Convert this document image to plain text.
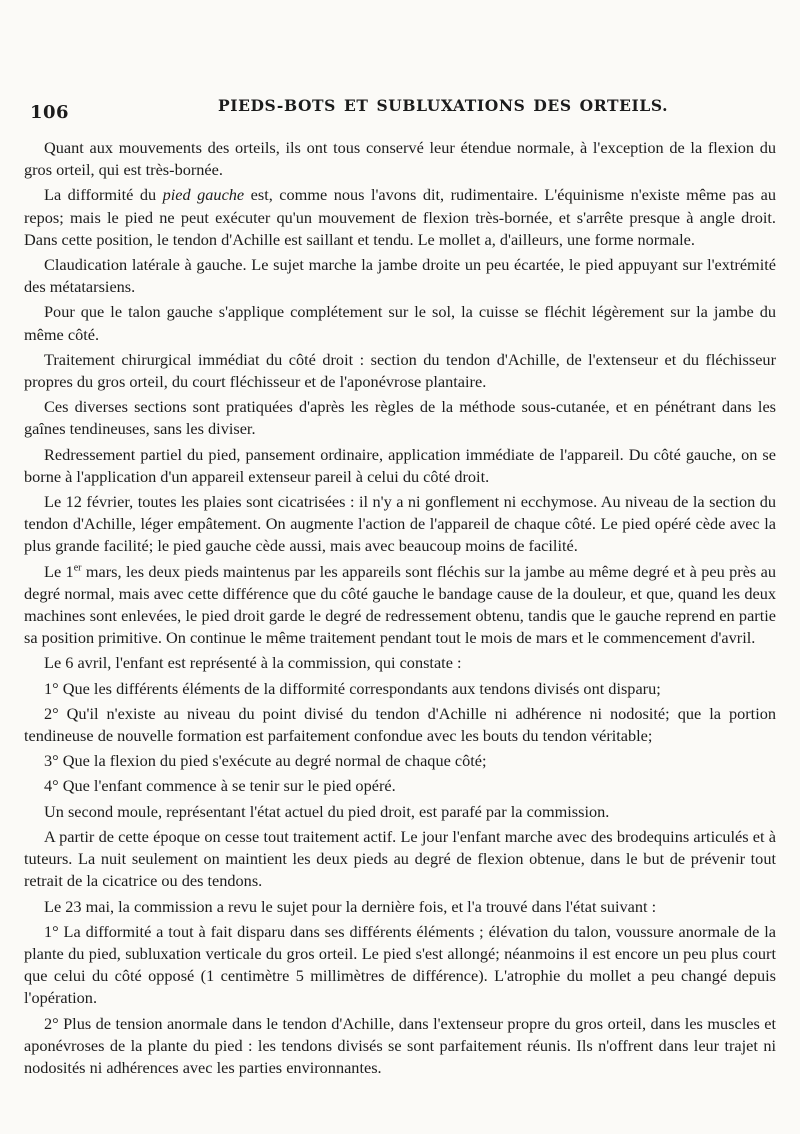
106	PIEDS-BOTS ET SUBLUXATIONS DES ORTEILS.

Quant aux mouvements des orteils, ils ont tous conservé leur étendue normale, à l'exception de la flexion du gros orteil, qui est très-bornée.

La difformité du pied gauche est, comme nous l'avons dit, rudimentaire. L'équinisme n'existe même pas au repos; mais le pied ne peut exécuter qu'un mouvement de flexion très-bornée, et s'arrête presque à angle droit. Dans cette position, le tendon d'Achille est saillant et tendu. Le mollet a, d'ailleurs, une forme normale.

Claudication latérale à gauche. Le sujet marche la jambe droite un peu écartée, le pied appuyant sur l'extrémité des métatarsiens.

Pour que le talon gauche s'applique complétement sur le sol, la cuisse se fléchit légèrement sur la jambe du même côté.

Traitement chirurgical immédiat du côté droit : section du tendon d'Achille, de l'extenseur et du fléchisseur propres du gros orteil, du court fléchisseur et de l'aponévrose plantaire.

Ces diverses sections sont pratiquées d'après les règles de la méthode sous-cutanée, et en pénétrant dans les gaînes tendineuses, sans les diviser.

Redressement partiel du pied, pansement ordinaire, application immédiate de l'appareil. Du côté gauche, on se borne à l'application d'un appareil extenseur pareil à celui du côté droit.

Le 12 février, toutes les plaies sont cicatrisées : il n'y a ni gonflement ni ecchymose. Au niveau de la section du tendon d'Achille, léger empâtement. On augmente l'action de l'appareil de chaque côté. Le pied opéré cède avec la plus grande facilité; le pied gauche cède aussi, mais avec beaucoup moins de facilité.

Le 1er mars, les deux pieds maintenus par les appareils sont fléchis sur la jambe au même degré et à peu près au degré normal, mais avec cette différence que du côté gauche le bandage cause de la douleur, et que, quand les deux machines sont enlevées, le pied droit garde le degré de redressement obtenu, tandis que le gauche reprend en partie sa position primitive. On continue le même traitement pendant tout le mois de mars et le commencement d'avril.

Le 6 avril, l'enfant est représenté à la commission, qui constate :

1° Que les différents éléments de la difformité correspondants aux tendons divisés ont disparu;

2° Qu'il n'existe au niveau du point divisé du tendon d'Achille ni adhérence ni nodosité; que la portion tendineuse de nouvelle formation est parfaitement confondue avec les bouts du tendon véritable;

3° Que la flexion du pied s'exécute au degré normal de chaque côté;

4° Que l'enfant commence à se tenir sur le pied opéré.

Un second moule, représentant l'état actuel du pied droit, est parafé par la commission.

A partir de cette époque on cesse tout traitement actif. Le jour l'enfant marche avec des brodequins articulés et à tuteurs. La nuit seulement on maintient les deux pieds au degré de flexion obtenue, dans le but de prévenir tout retrait de la cicatrice ou des tendons.

Le 23 mai, la commission a revu le sujet pour la dernière fois, et l'a trouvé dans l'état suivant :

1° La difformité a tout à fait disparu dans ses différents éléments ; élévation du talon, voussure anormale de la plante du pied, subluxation verticale du gros orteil. Le pied s'est allongé; néanmoins il est encore un peu plus court que celui du côté opposé (1 centimètre 5 millimètres de différence). L'atrophie du mollet a peu changé depuis l'opération.

2° Plus de tension anormale dans le tendon d'Achille, dans l'extenseur propre du gros orteil, dans les muscles et aponévroses de la plante du pied : les tendons divisés se sont parfaitement réunis. Ils n'offrent dans leur trajet ni nodosités ni adhérences avec les parties environnantes.
